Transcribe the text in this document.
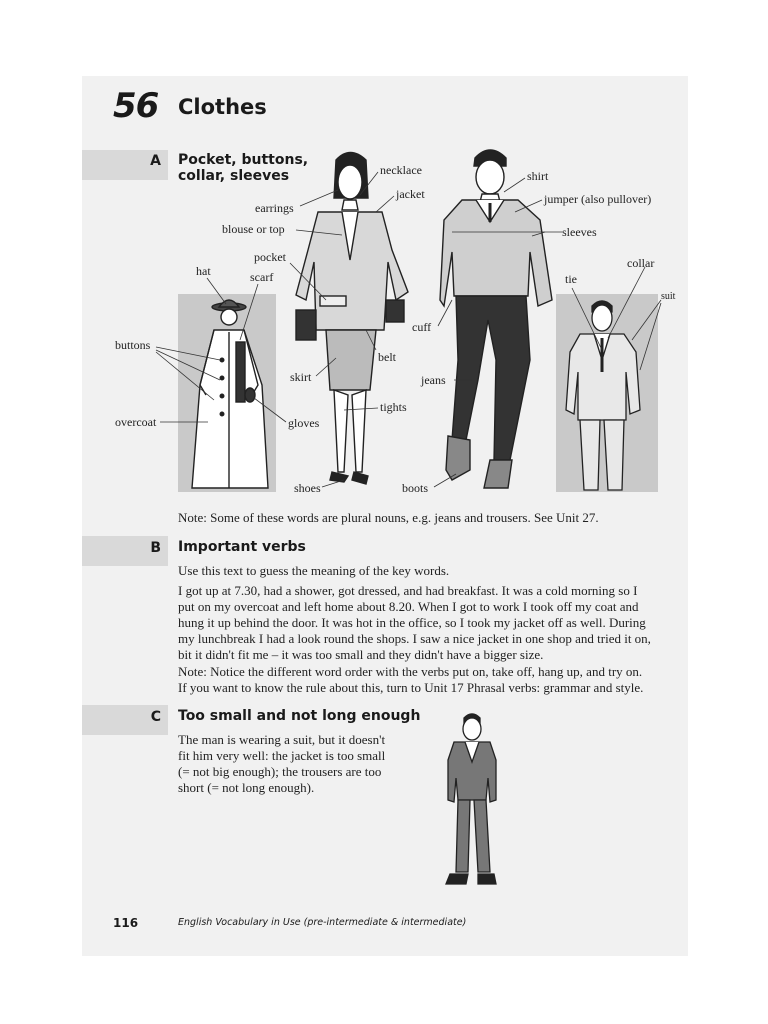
56 Clothes
A Pocket, buttons,
collar, sleeves	necklace
jacket
earrings
blouse or top
pocket
hat	scarf
buttons
overcoat
skirt
belt
tights
gloves
shoes
shirt
jumper (also pullover)
sleeves
collar
tie
suit
cuff
jeans
boots
Note: Some of these words are plural nouns, e.g. jeans and trousers. See Unit 27.
B Important verbs
Use this text to guess the meaning of the key words.
I got up at 7.30, had a shower, got dressed, and had breakfast. It was a cold morning so I
put on my overcoat and left home about 8.20. When I got to work I took off my coat and
hung it up behind the door. It was hot in the office, so I took my jacket off as well. During
my lunchbreak I had a look round the shops. I saw a nice jacket in one shop and tried it on,
bit it didn't fit me – it was too small and they didn't have a bigger size.
Note: Notice the different word order with the verbs put on, take off, hang up, and try on.
If you want to know the rule about this, turn to Unit 17 Phrasal verbs: grammar and style.
C Too small and not long enough
The man is wearing a suit, but it doesn't
fit him very well: the jacket is too small
(= not big enough); the trousers are too
short (= not long enough).
116	English Vocabulary in Use (pre-intermediate & intermediate)
